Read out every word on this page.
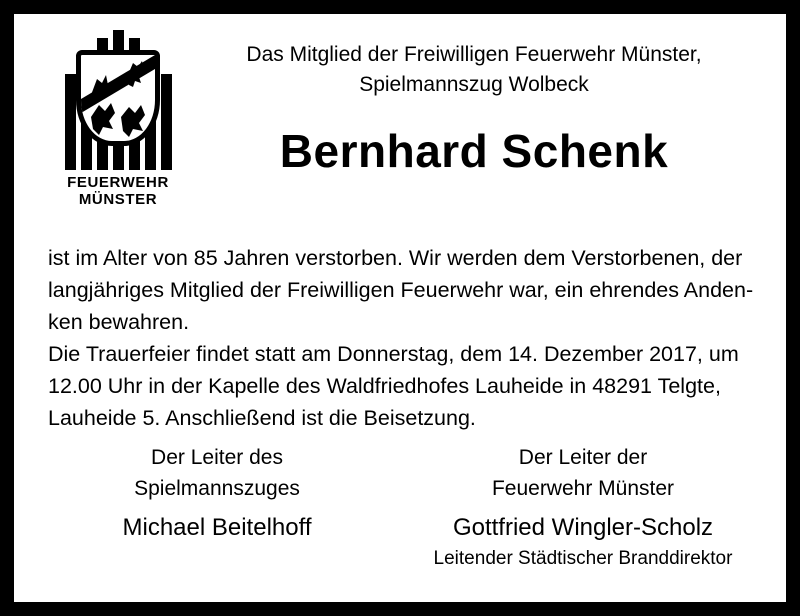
FEUERWEHR
MÜNSTER
Das Mitglied der Freiwilligen Feuerwehr Münster,
Spielmannszug Wolbeck
Bernhard Schenk
ist im Alter von 85 Jahren verstorben. Wir werden dem Verstorbenen, der
langjähriges Mitglied der Freiwilligen Feuerwehr war, ein ehrendes Anden-
ken bewahren.
Die Trauerfeier findet statt am Donnerstag, dem 14. Dezember 2017, um
12.00 Uhr in der Kapelle des Waldfriedhofes Lauheide in 48291 Telgte,
Lauheide 5. Anschließend ist die Beisetzung.
Der Leiter des
Spielmannszuges
Michael Beitelhoff
Der Leiter der
Feuerwehr Münster
Gottfried Wingler-Scholz
Leitender Städtischer Branddirektor
